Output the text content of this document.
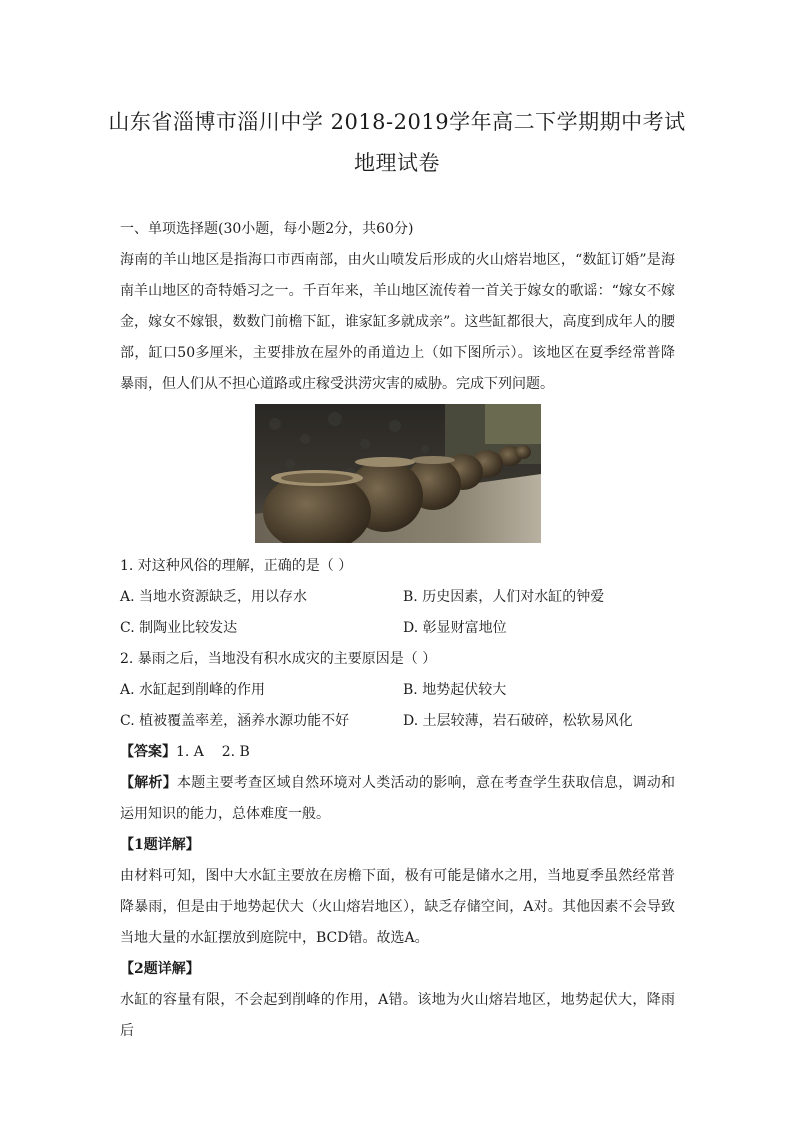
山东省淄博市淄川中学 2018-2019学年高二下学期期中考试
地理试卷

一、单项选择题(30小题，每小题2分，共60分)

海南的羊山地区是指海口市西南部，由火山喷发后形成的火山熔岩地区，“数缸订婚”是海南羊山地区的奇特婚习之一。千百年来，羊山地区流传着一首关于嫁女的歌谣：“嫁女不嫁金，嫁女不嫁银，数数门前檐下缸，谁家缸多就成亲”。这些缸都很大，高度到成年人的腰部，缸口50多厘米，主要排放在屋外的甬道边上（如下图所示）。该地区在夏季经常普降暴雨，但人们从不担心道路或庄稼受洪涝灾害的威胁。完成下列问题。

1. 对这种风俗的理解，正确的是（ ）

A. 当地水资源缺乏，用以存水	B. 历史因素，人们对水缸的钟爱
C. 制陶业比较发达	D. 彰显财富地位

2. 暴雨之后，当地没有积水成灾的主要原因是（ ）

A. 水缸起到削峰的作用	B. 地势起伏较大
C. 植被覆盖率差，涵养水源功能不好	D. 土层较薄，岩石破碎，松软易风化

【答案】1. A    2. B

【解析】本题主要考查区域自然环境对人类活动的影响，意在考查学生获取信息，调动和运用知识的能力，总体难度一般。

【1题详解】

由材料可知，图中大水缸主要放在房檐下面，极有可能是储水之用，当地夏季虽然经常普降暴雨，但是由于地势起伏大（火山熔岩地区），缺乏存储空间，A对。其他因素不会导致当地大量的水缸摆放到庭院中，BCD错。故选A。

【2题详解】

水缸的容量有限，不会起到削峰的作用，A错。该地为火山熔岩地区，地势起伏大，降雨后
